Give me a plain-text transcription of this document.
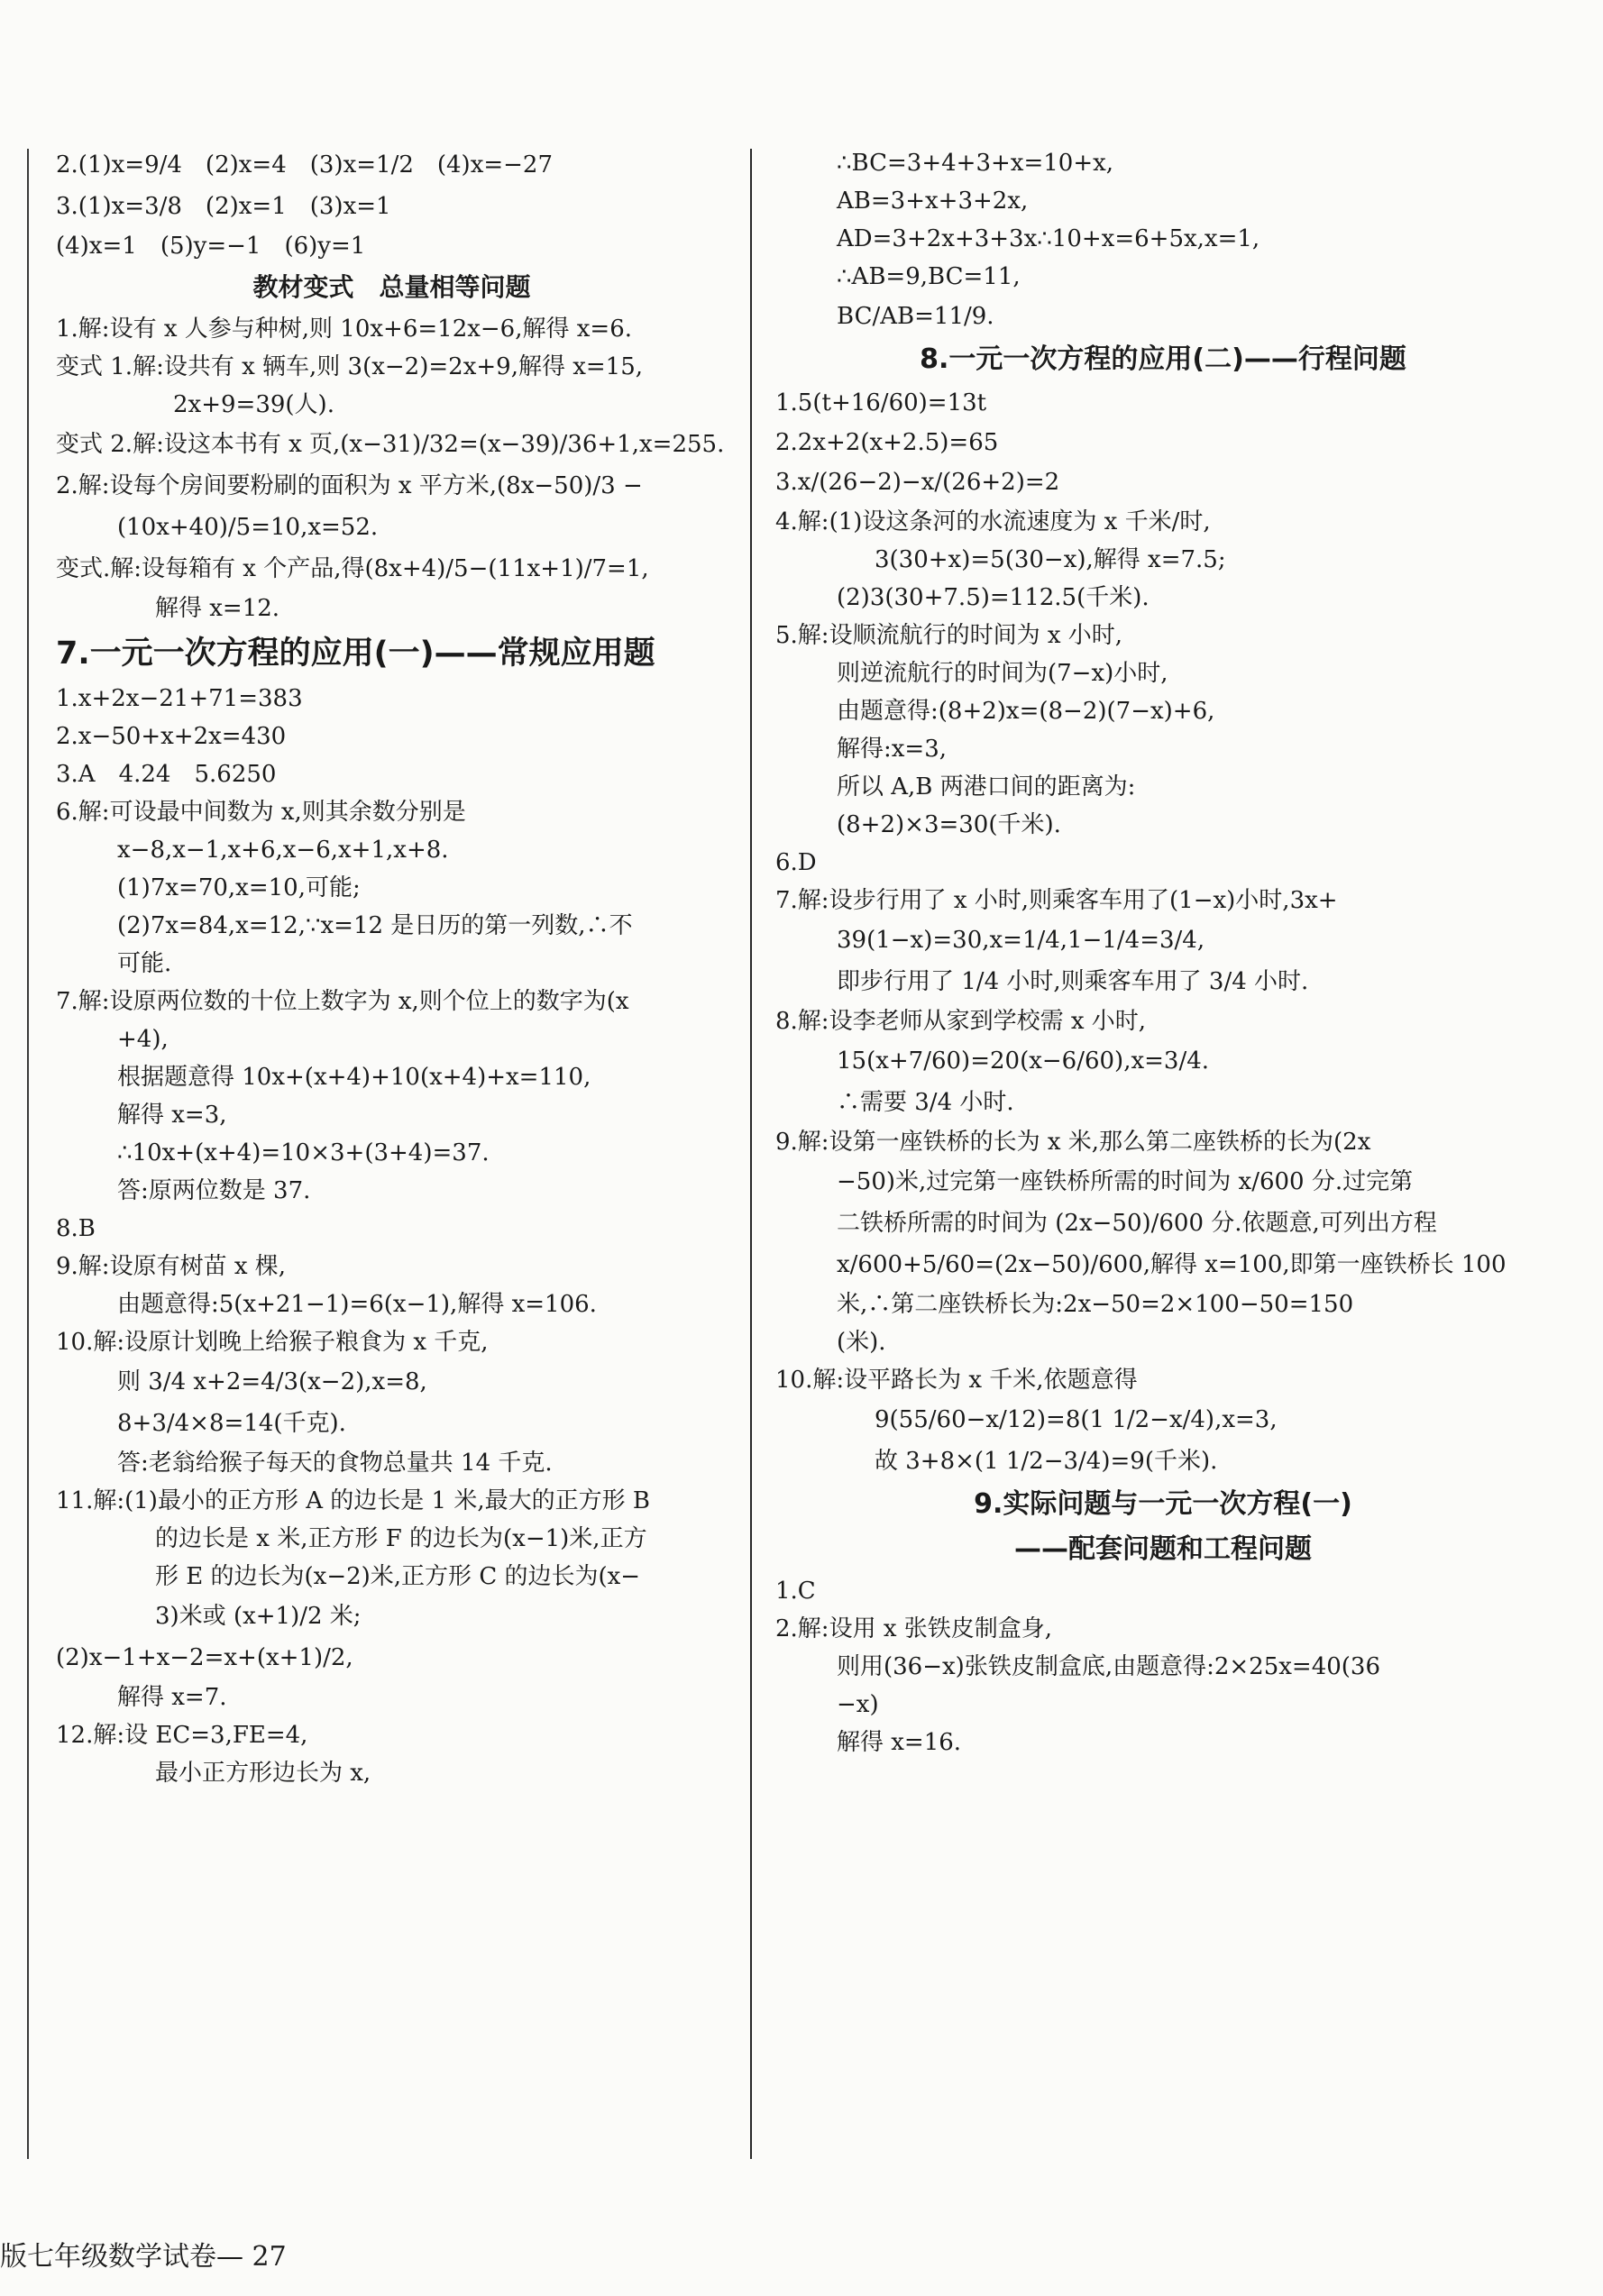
2.(1)x=9/4　(2)x=4　(3)x=1/2　(4)x=−27
3.(1)x=3/8　(2)x=1　(3)x=1
(4)x=1　(5)y=−1　(6)y=1
教材变式　总量相等问题
1.解:设有 x 人参与种树,则 10x+6=12x−6,解得 x=6.
变式 1.解:设共有 x 辆车,则 3(x−2)=2x+9,解得 x=15,
2x+9=39(人).
变式 2.解:设这本书有 x 页,(x−31)/32=(x−39)/36+1,x=255.
2.解:设每个房间要粉刷的面积为 x 平方米,(8x−50)/3 −
(10x+40)/5=10,x=52.
变式.解:设每箱有 x 个产品,得(8x+4)/5−(11x+1)/7=1,
解得 x=12.
7.一元一次方程的应用(一)——常规应用题
1.x+2x−21+71=383
2.x−50+x+2x=430
3.A　4.24　5.6250
6.解:可设最中间数为 x,则其余数分别是
x−8,x−1,x+6,x−6,x+1,x+8.
(1)7x=70,x=10,可能;
(2)7x=84,x=12,∵x=12 是日历的第一列数,∴不
可能.
7.解:设原两位数的十位上数字为 x,则个位上的数字为(x
+4),
根据题意得 10x+(x+4)+10(x+4)+x=110,
解得 x=3,
∴10x+(x+4)=10×3+(3+4)=37.
答:原两位数是 37.
8.B
9.解:设原有树苗 x 棵,
由题意得:5(x+21−1)=6(x−1),解得 x=106.
10.解:设原计划晚上给猴子粮食为 x 千克,
则 3/4 x+2=4/3(x−2),x=8,
8+3/4×8=14(千克).
答:老翁给猴子每天的食物总量共 14 千克.
11.解:(1)最小的正方形 A 的边长是 1 米,最大的正方形 B
的边长是 x 米,正方形 F 的边长为(x−1)米,正方
形 E 的边长为(x−2)米,正方形 C 的边长为(x−
3)米或 (x+1)/2 米;
(2)x−1+x−2=x+(x+1)/2,
解得 x=7.
12.解:设 EC=3,FE=4,
最小正方形边长为 x,
∴BC=3+4+3+x=10+x,
AB=3+x+3+2x,
AD=3+2x+3+3x∴10+x=6+5x,x=1,
∴AB=9,BC=11,
BC/AB=11/9.
8.一元一次方程的应用(二)——行程问题
1.5(t+16/60)=13t
2.2x+2(x+2.5)=65
3.x/(26−2)−x/(26+2)=2
4.解:(1)设这条河的水流速度为 x 千米/时,
3(30+x)=5(30−x),解得 x=7.5;
(2)3(30+7.5)=112.5(千米).
5.解:设顺流航行的时间为 x 小时,
则逆流航行的时间为(7−x)小时,
由题意得:(8+2)x=(8−2)(7−x)+6,
解得:x=3,
所以 A,B 两港口间的距离为:
(8+2)×3=30(千米).
6.D
7.解:设步行用了 x 小时,则乘客车用了(1−x)小时,3x+
39(1−x)=30,x=1/4,1−1/4=3/4,
即步行用了 1/4 小时,则乘客车用了 3/4 小时.
8.解:设李老师从家到学校需 x 小时,
15(x+7/60)=20(x−6/60),x=3/4.
∴需要 3/4 小时.
9.解:设第一座铁桥的长为 x 米,那么第二座铁桥的长为(2x
−50)米,过完第一座铁桥所需的时间为 x/600 分.过完第
二铁桥所需的时间为 (2x−50)/600 分.依题意,可列出方程
x/600+5/60=(2x−50)/600,解得 x=100,即第一座铁桥长 100
米,∴第二座铁桥长为:2x−50=2×100−50=150
(米).
10.解:设平路长为 x 千米,依题意得
9(55/60−x/12)=8(1 1/2−x/4),x=3,
故 3+8×(1 1/2−3/4)=9(千米).
9.实际问题与一元一次方程(一)
——配套问题和工程问题
1.C
2.解:设用 x 张铁皮制盒身,
则用(36−x)张铁皮制盒底,由题意得:2×25x=40(36
−x)
解得 x=16.
版七年级数学试卷— 27
